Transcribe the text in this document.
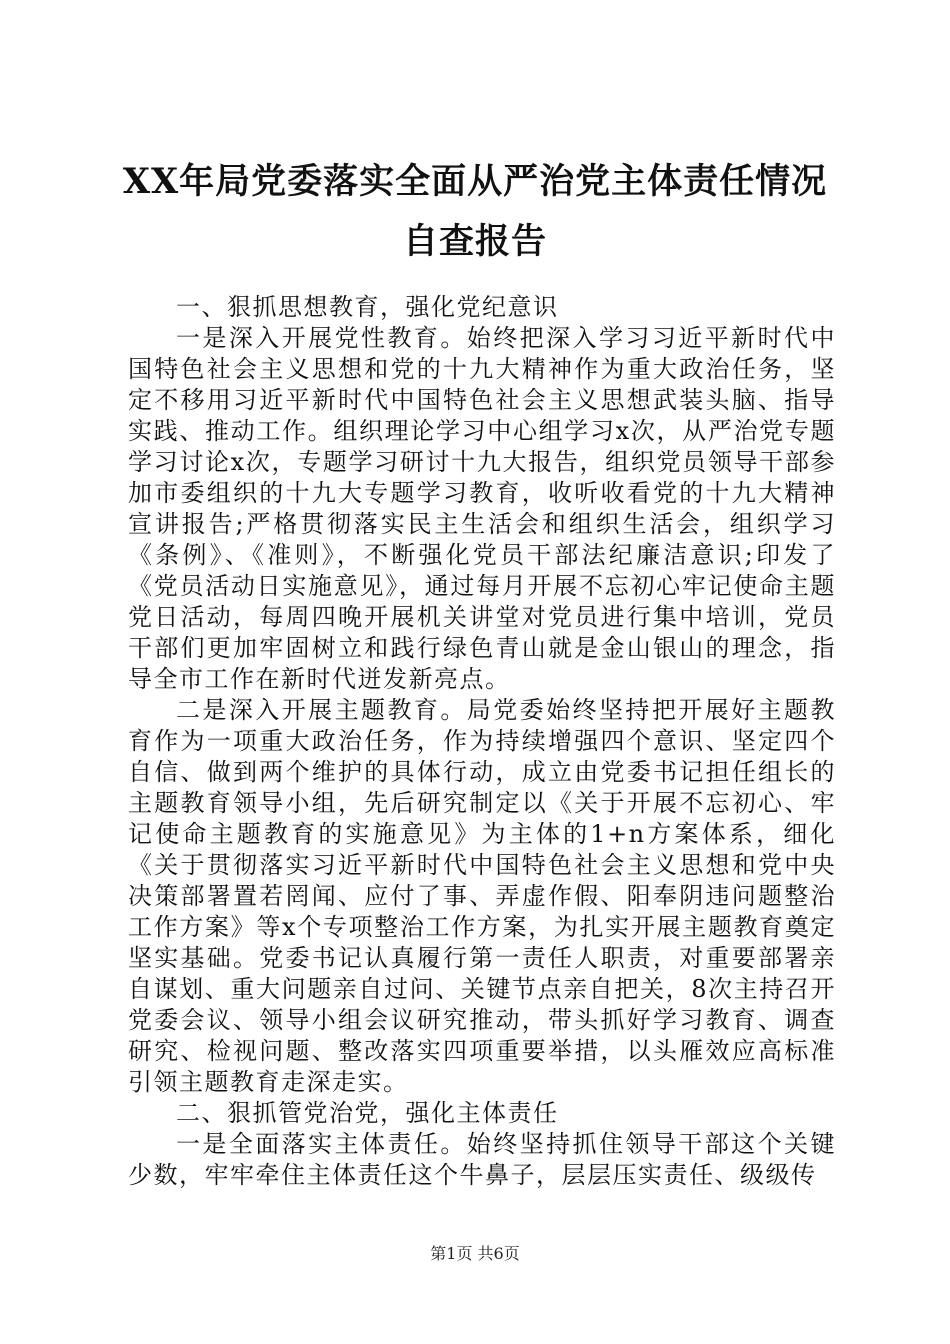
XX年局党委落实全面从严治党主体责任情况
自查报告

一、狠抓思想教育，强化党纪意识

一是深入开展党性教育。始终把深入学习习近平新时代中国特色社会主义思想和党的十九大精神作为重大政治任务，坚定不移用习近平新时代中国特色社会主义思想武装头脑、指导实践、推动工作。组织理论学习中心组学习x次，从严治党专题学习讨论x次，专题学习研讨十九大报告，组织党员领导干部参加市委组织的十九大专题学习教育，收听收看党的十九大精神宣讲报告;严格贯彻落实民主生活会和组织生活会，组织学习《条例》、《准则》，不断强化党员干部法纪廉洁意识;印发了《党员活动日实施意见》，通过每月开展不忘初心牢记使命主题党日活动，每周四晚开展机关讲堂对党员进行集中培训，党员干部们更加牢固树立和践行绿色青山就是金山银山的理念，指导全市工作在新时代迸发新亮点。

二是深入开展主题教育。局党委始终坚持把开展好主题教育作为一项重大政治任务，作为持续增强四个意识、坚定四个自信、做到两个维护的具体行动，成立由党委书记担任组长的主题教育领导小组，先后研究制定以《关于开展不忘初心、牢记使命主题教育的实施意见》为主体的1+n方案体系，细化《关于贯彻落实习近平新时代中国特色社会主义思想和党中央决策部署置若罔闻、应付了事、弄虚作假、阳奉阴违问题整治工作方案》等x个专项整治工作方案，为扎实开展主题教育奠定坚实基础。党委书记认真履行第一责任人职责，对重要部署亲自谋划、重大问题亲自过问、关键节点亲自把关，8次主持召开党委会议、领导小组会议研究推动，带头抓好学习教育、调查研究、检视问题、整改落实四项重要举措，以头雁效应高标准引领主题教育走深走实。

二、狠抓管党治党，强化主体责任

一是全面落实主体责任。始终坚持抓住领导干部这个关键少数，牢牢牵住主体责任这个牛鼻子，层层压实责任、级级传

第1页 共6页
